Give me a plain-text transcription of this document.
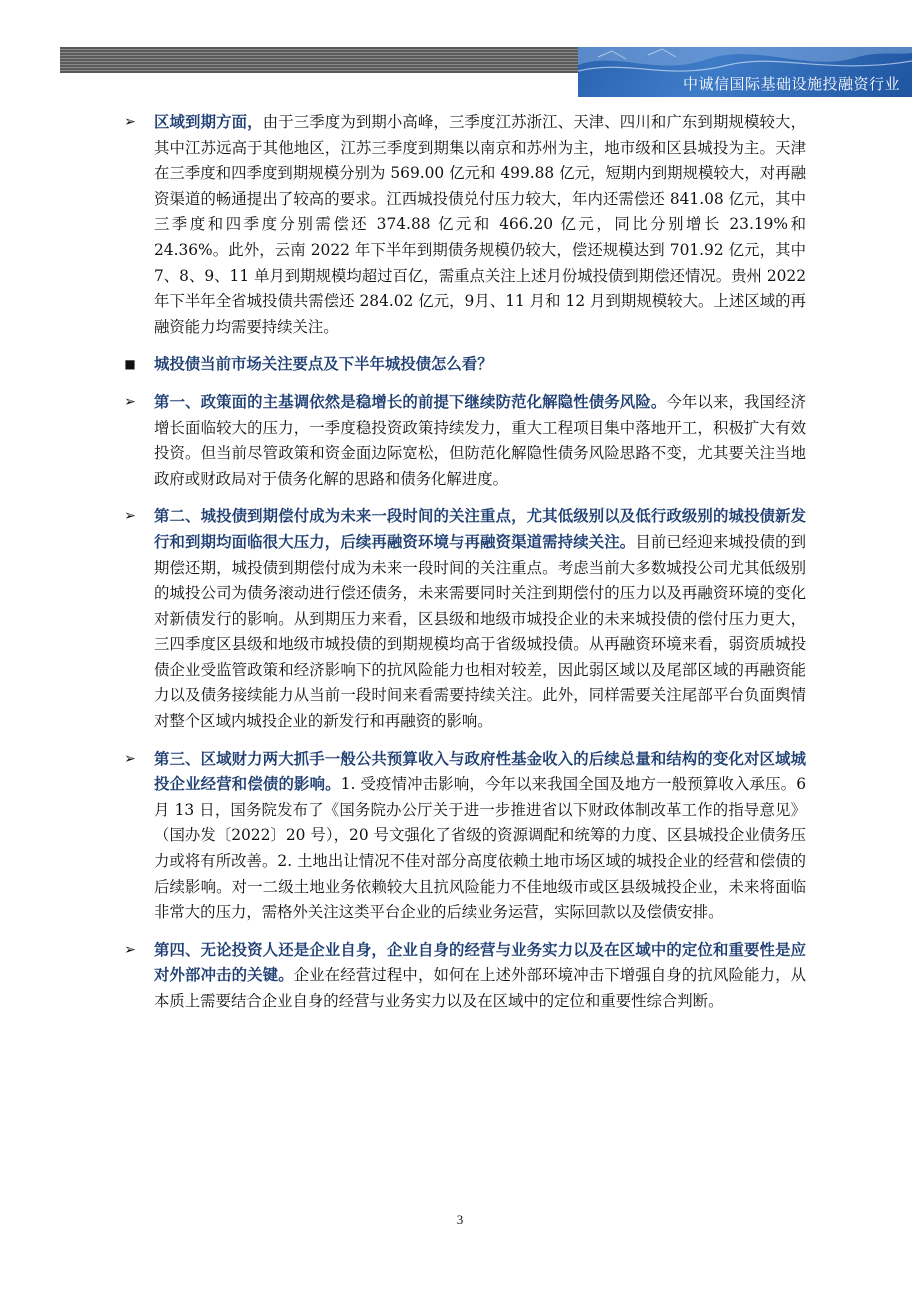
中诚信国际基础设施投融资行业
➢ 区域到期方面，由于三季度为到期小高峰，三季度江苏浙江、天津、四川和广东到期规模较大，其中江苏远高于其他地区，江苏三季度到期集以南京和苏州为主，地市级和区县城投为主。天津在三季度和四季度到期规模分别为 569.00 亿元和 499.88 亿元，短期内到期规模较大，对再融资渠道的畅通提出了较高的要求。江西城投债兑付压力较大，年内还需偿还 841.08 亿元，其中三季度和四季度分别需偿还 374.88 亿元和 466.20 亿元，同比分别增长 23.19%和 24.36%。此外，云南 2022 年下半年到期债务规模仍较大，偿还规模达到 701.92 亿元，其中 7、8、9、11 单月到期规模均超过百亿，需重点关注上述月份城投债到期偿还情况。贵州 2022 年下半年全省城投债共需偿还 284.02 亿元，9月、11 月和 12 月到期规模较大。上述区域的再融资能力均需要持续关注。
■ 城投债当前市场关注要点及下半年城投债怎么看？
➢ 第一、政策面的主基调依然是稳增长的前提下继续防范化解隐性债务风险。今年以来，我国经济增长面临较大的压力，一季度稳投资政策持续发力，重大工程项目集中落地开工，积极扩大有效投资。但当前尽管政策和资金面边际宽松，但防范化解隐性债务风险思路不变，尤其要关注当地政府或财政局对于债务化解的思路和债务化解进度。
➢ 第二、城投债到期偿付成为未来一段时间的关注重点，尤其低级别以及低行政级别的城投债新发行和到期均面临很大压力，后续再融资环境与再融资渠道需持续关注。目前已经迎来城投债的到期偿还期，城投债到期偿付成为未来一段时间的关注重点。考虑当前大多数城投公司尤其低级别的城投公司为债务滚动进行偿还债务，未来需要同时关注到期偿付的压力以及再融资环境的变化对新债发行的影响。从到期压力来看，区县级和地级市城投企业的未来城投债的偿付压力更大，三四季度区县级和地级市城投债的到期规模均高于省级城投债。从再融资环境来看，弱资质城投债企业受监管政策和经济影响下的抗风险能力也相对较差，因此弱区域以及尾部区域的再融资能力以及债务接续能力从当前一段时间来看需要持续关注。此外，同样需要关注尾部平台负面舆情对整个区域内城投企业的新发行和再融资的影响。
➢ 第三、区域财力两大抓手一般公共预算收入与政府性基金收入的后续总量和结构的变化对区域城投企业经营和偿债的影响。1. 受疫情冲击影响，今年以来我国全国及地方一般预算收入承压。6 月 13 日，国务院发布了《国务院办公厅关于进一步推进省以下财政体制改革工作的指导意见》（国办发〔2022〕20 号），20 号文强化了省级的资源调配和统筹的力度、区县城投企业债务压力或将有所改善。2. 土地出让情况不佳对部分高度依赖土地市场区域的城投企业的经营和偿债的后续影响。对一二级土地业务依赖较大且抗风险能力不佳地级市或区县级城投企业，未来将面临非常大的压力，需格外关注这类平台企业的后续业务运营，实际回款以及偿债安排。
➢ 第四、无论投资人还是企业自身，企业自身的经营与业务实力以及在区域中的定位和重要性是应对外部冲击的关键。企业在经营过程中，如何在上述外部环境冲击下增强自身的抗风险能力，从本质上需要结合企业自身的经营与业务实力以及在区域中的定位和重要性综合判断。
3
